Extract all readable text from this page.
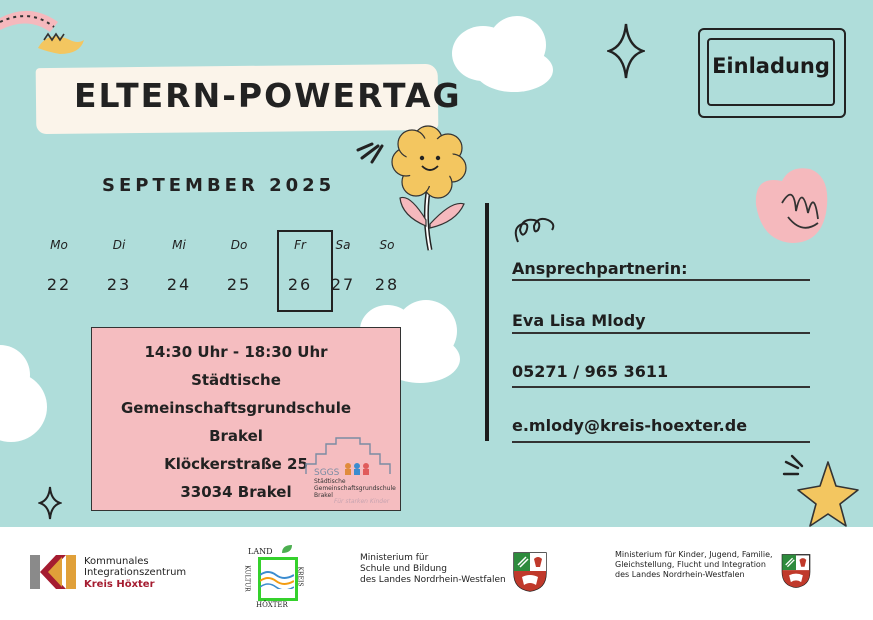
ELTERN-POWERTAG
Einladung
SEPTEMBER 2025
Mo	Di	Mi	Do	Fr	Sa	So
22	23	24	25	26	27	28
14:30 Uhr - 18:30 Uhr
Städtische
Gemeinschaftsgrundschule
Brakel
Klöckerstraße 25
33034 Brakel
SGGS
Städtische
Gemeinschaftsgrundschule
Brakel
Für starken Kinder
Ansprechpartnerin:
Eva Lisa Mlody
05271 / 965 3611
e.mlody@kreis-hoexter.de
Kommunales
Integrationszentrum
Kreis Höxter
LAND
KULTUR	KREIS
HÖXTER
Ministerium für
Schule und Bildung
des Landes Nordrhein-Westfalen
Ministerium für Kinder, Jugend, Familie,
Gleichstellung, Flucht und Integration
des Landes Nordrhein-Westfalen
